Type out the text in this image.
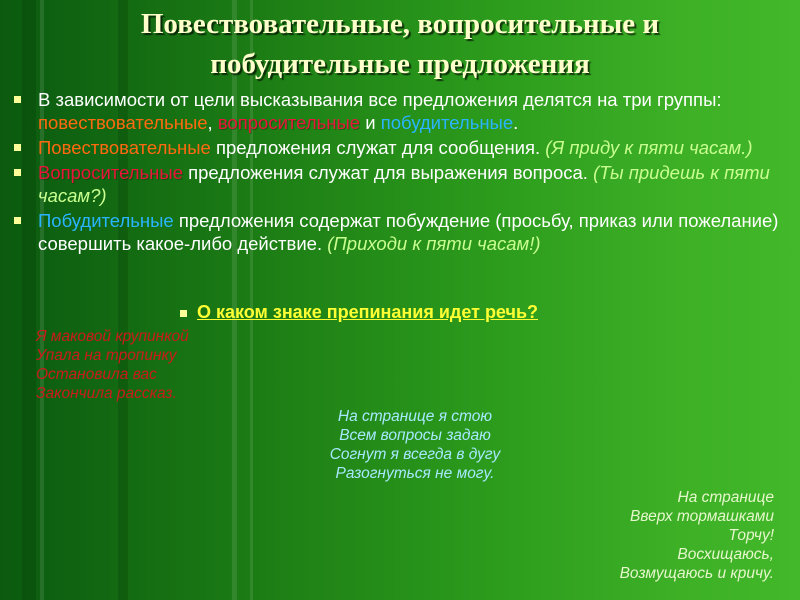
Повествовательные, вопросительные и
побудительные предложения
В зависимости от цели высказывания все предложения делятся на три группы: повествовательные, вопросительные и побудительные.
Повествовательные предложения служат для сообщения. (Я приду к пяти часам.)
Вопросительные предложения служат для выражения вопроса. (Ты придешь к пяти часам?)
Побудительные предложения содержат побуждение (просьбу, приказ или пожелание) совершить какое-либо действие. (Приходи к пяти часам!)
О каком знаке препинания идет речь?
Я маковой крупинкой
Упала на тропинку
Остановила вас
Закончила рассказ.
На странице я стою
Всем вопросы задаю
Согнут я всегда в дугу
Разогнуться не могу.
На странице
Вверх тормашками
Торчу!
Восхищаюсь,
Возмущаюсь и кричу.
